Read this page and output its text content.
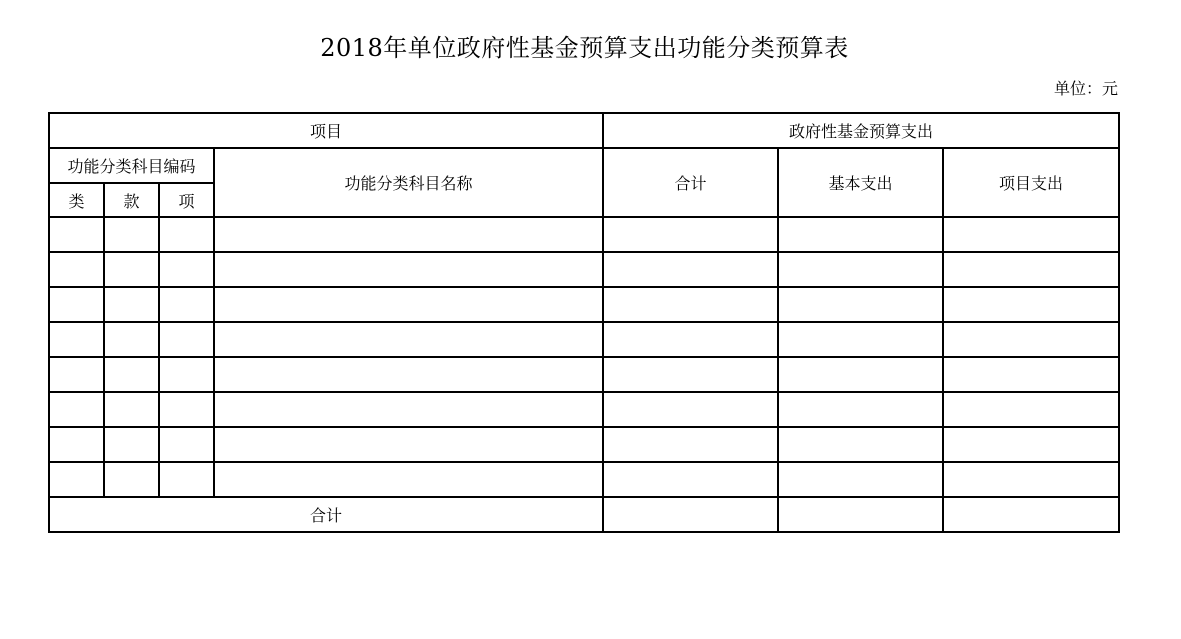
2018年单位政府性基金预算支出功能分类预算表
单位：元
项目				政府性基金预算支出		
功能分类科目编码			功能分类科目名称	合计	基本支出	项目支出
类	款	项				

合计						
